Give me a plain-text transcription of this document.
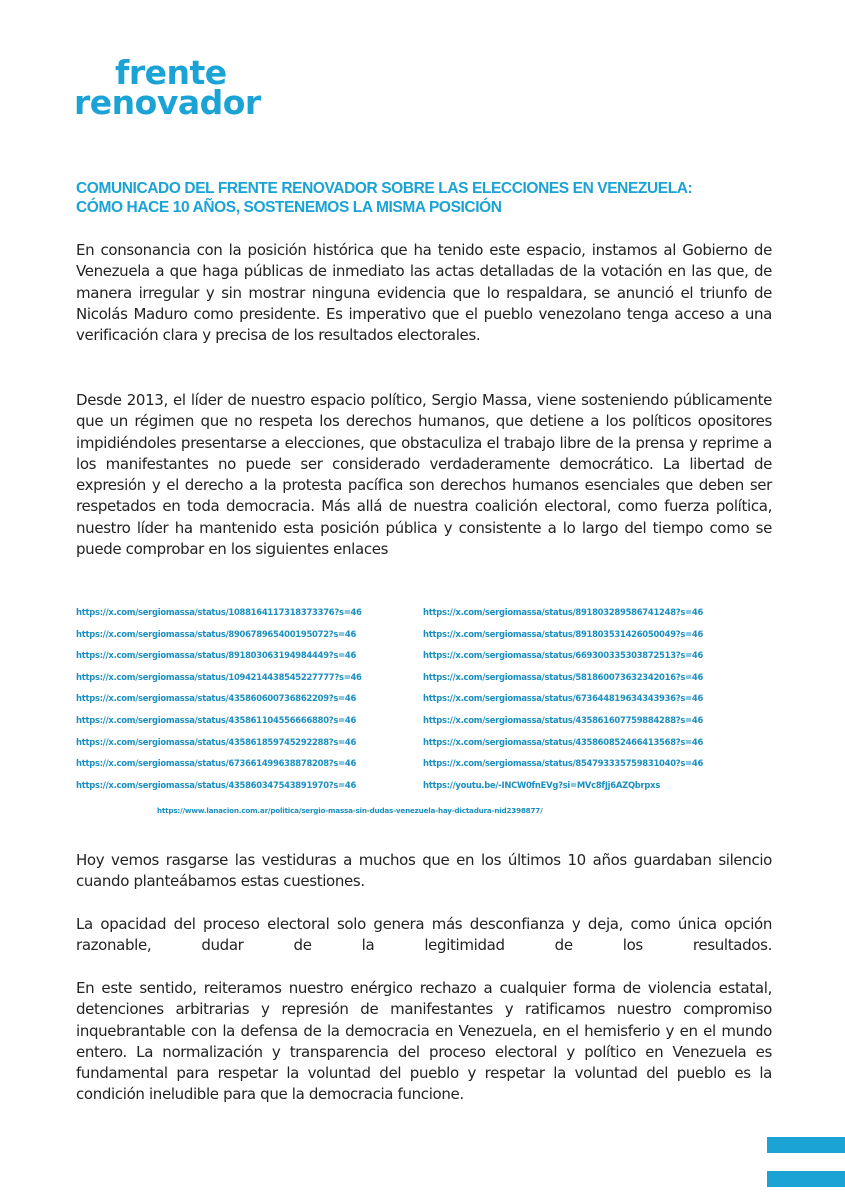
frente
renovador
COMUNICADO DEL FRENTE RENOVADOR SOBRE LAS ELECCIONES EN VENEZUELA:
CÓMO HACE 10 AÑOS, SOSTENEMOS LA MISMA POSICIÓN

En consonancia con la posición histórica que ha tenido este espacio, instamos al Gobierno de Venezuela a que haga públicas de inmediato las actas detalladas de la votación en las que, de manera irregular y sin mostrar ninguna evidencia que lo respaldara, se anunció el triunfo de Nicolás Maduro como presidente. Es imperativo que el pueblo venezolano tenga acceso a una verificación clara y precisa de los resultados electorales.

Desde 2013, el líder de nuestro espacio político, Sergio Massa, viene sosteniendo públicamente que un régimen que no respeta los derechos humanos, que detiene a los políticos opositores impidiéndoles presentarse a elecciones, que obstaculiza el trabajo libre de la prensa y reprime a los manifestantes no puede ser considerado verdaderamente democrático. La libertad de expresión y el derecho a la protesta pacífica son derechos humanos esenciales que deben ser respetados en toda democracia. Más allá de nuestra coalición electoral, como fuerza política, nuestro líder ha mantenido esta posición pública y consistente a lo largo del tiempo como se puede comprobar en los siguientes enlaces

https://x.com/sergiomassa/status/1088164117318373376?s=46	https://x.com/sergiomassa/status/891803289586741248?s=46
https://x.com/sergiomassa/status/890678965400195072?s=46	https://x.com/sergiomassa/status/891803531426050049?s=46
https://x.com/sergiomassa/status/891803063194984449?s=46	https://x.com/sergiomassa/status/669300335303872513?s=46
https://x.com/sergiomassa/status/1094214438545227777?s=46	https://x.com/sergiomassa/status/581860073632342016?s=46
https://x.com/sergiomassa/status/435860600736862209?s=46	https://x.com/sergiomassa/status/673644819634343936?s=46
https://x.com/sergiomassa/status/435861104556666880?s=46	https://x.com/sergiomassa/status/435861607759884288?s=46
https://x.com/sergiomassa/status/435861859745292288?s=46	https://x.com/sergiomassa/status/435860852466413568?s=46
https://x.com/sergiomassa/status/673661499638878208?s=46	https://x.com/sergiomassa/status/854793335759831040?s=46
https://x.com/sergiomassa/status/435860347543891970?s=46	https://youtu.be/-INCW0fnEVg?si=MVc8fJj6AZQbrpxs
https://www.lanacion.com.ar/politica/sergio-massa-sin-dudas-venezuela-hay-dictadura-nid2398877/

Hoy vemos rasgarse las vestiduras a muchos que en los últimos 10 años guardaban silencio cuando planteábamos estas cuestiones.

La opacidad del proceso electoral solo genera más desconfianza y deja, como única opción razonable, dudar de la legitimidad de los resultados.

En este sentido, reiteramos nuestro enérgico rechazo a cualquier forma de violencia estatal, detenciones arbitrarias y represión de manifestantes y ratificamos nuestro compromiso inquebrantable con la defensa de la democracia en Venezuela, en el hemisferio y en el mundo entero. La normalización y transparencia del proceso electoral y político en Venezuela es fundamental para respetar la voluntad del pueblo y respetar la voluntad del pueblo es la condición ineludible para que la democracia funcione.
